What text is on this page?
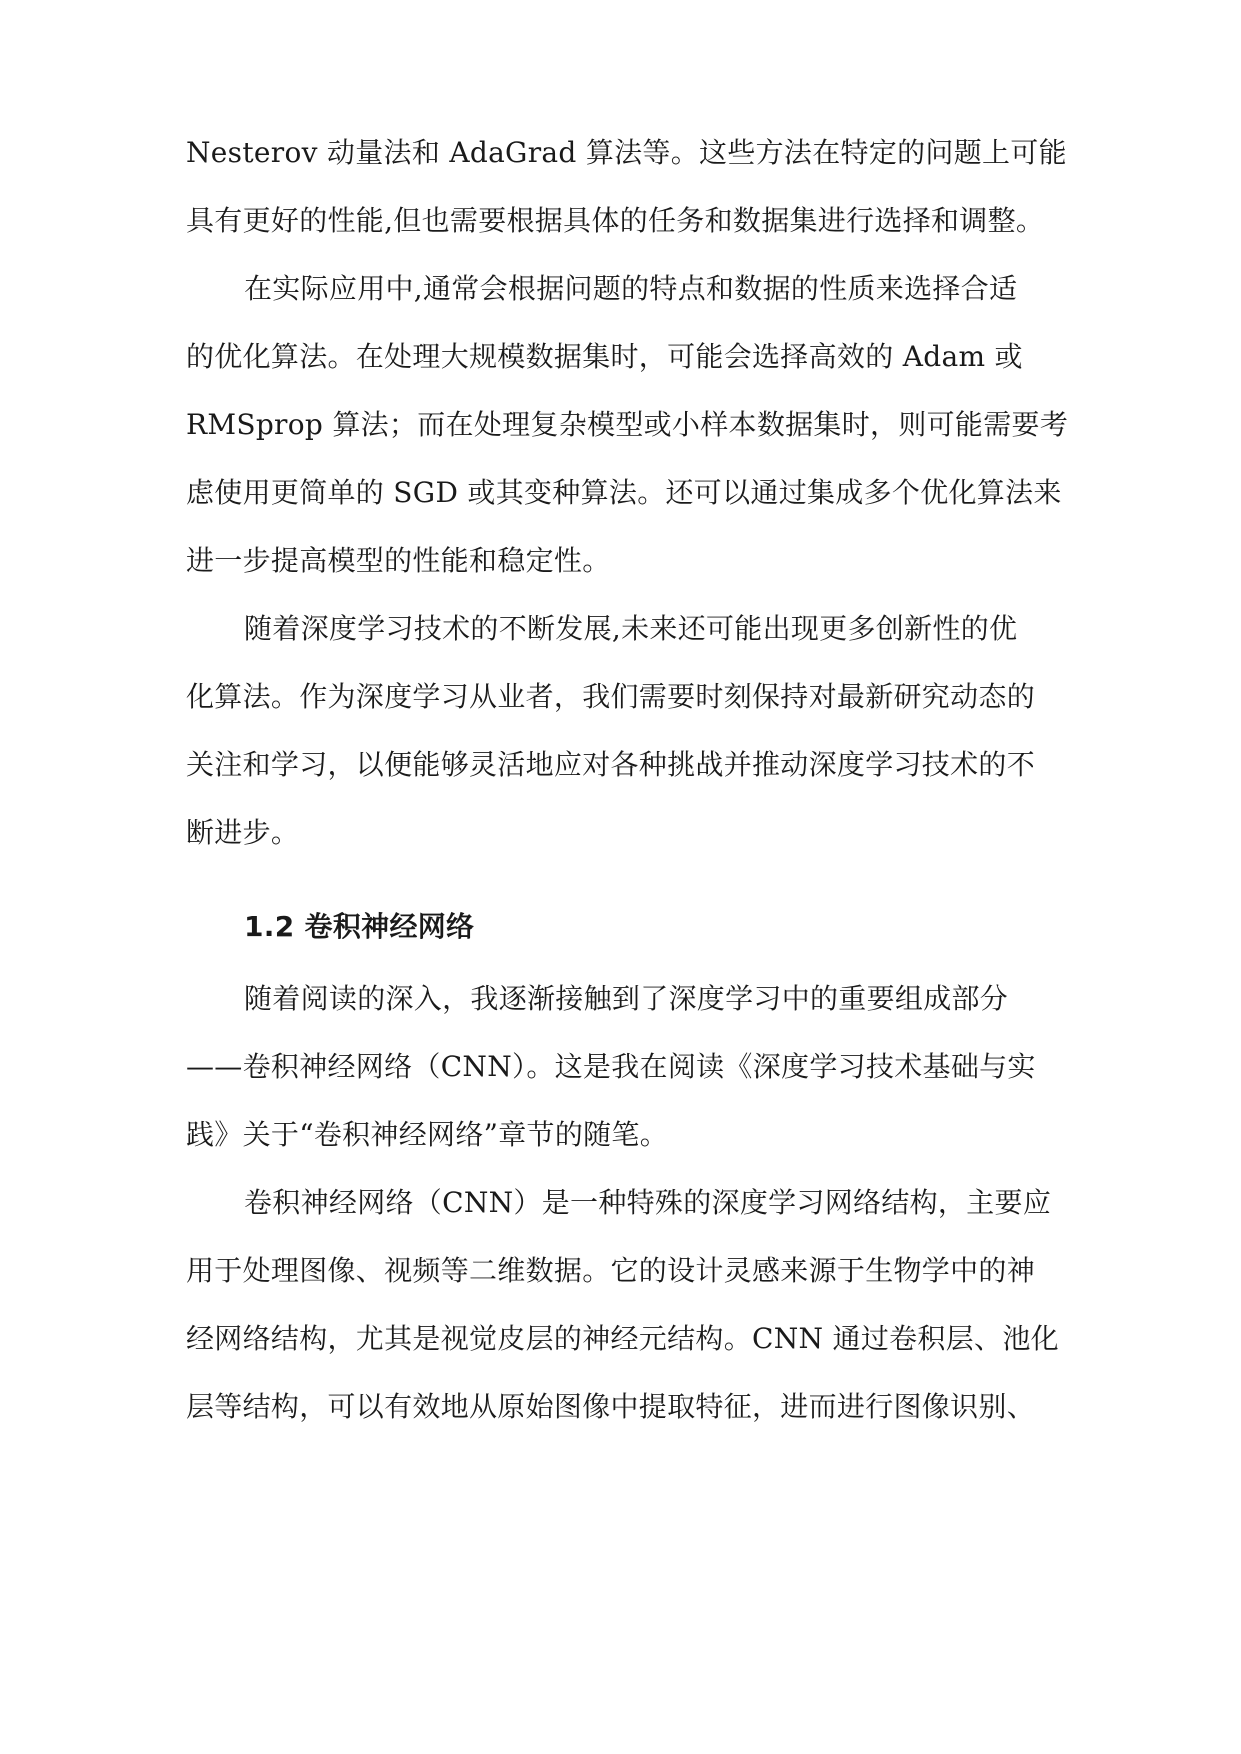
Nesterov 动量法和 AdaGrad 算法等。这些方法在特定的问题上可能
具有更好的性能,但也需要根据具体的任务和数据集进行选择和调整。
在实际应用中,通常会根据问题的特点和数据的性质来选择合适
的优化算法。在处理大规模数据集时，可能会选择高效的 Adam 或
RMSprop 算法；而在处理复杂模型或小样本数据集时，则可能需要考
虑使用更简单的 SGD 或其变种算法。还可以通过集成多个优化算法来
进一步提高模型的性能和稳定性。
随着深度学习技术的不断发展,未来还可能出现更多创新性的优
化算法。作为深度学习从业者，我们需要时刻保持对最新研究动态的
关注和学习，以便能够灵活地应对各种挑战并推动深度学习技术的不
断进步。
1.2 卷积神经网络
随着阅读的深入，我逐渐接触到了深度学习中的重要组成部分
——卷积神经网络（CNN）。这是我在阅读《深度学习技术基础与实
践》关于“卷积神经网络”章节的随笔。
卷积神经网络（CNN）是一种特殊的深度学习网络结构，主要应
用于处理图像、视频等二维数据。它的设计灵感来源于生物学中的神
经网络结构，尤其是视觉皮层的神经元结构。CNN 通过卷积层、池化
层等结构，可以有效地从原始图像中提取特征，进而进行图像识别、
